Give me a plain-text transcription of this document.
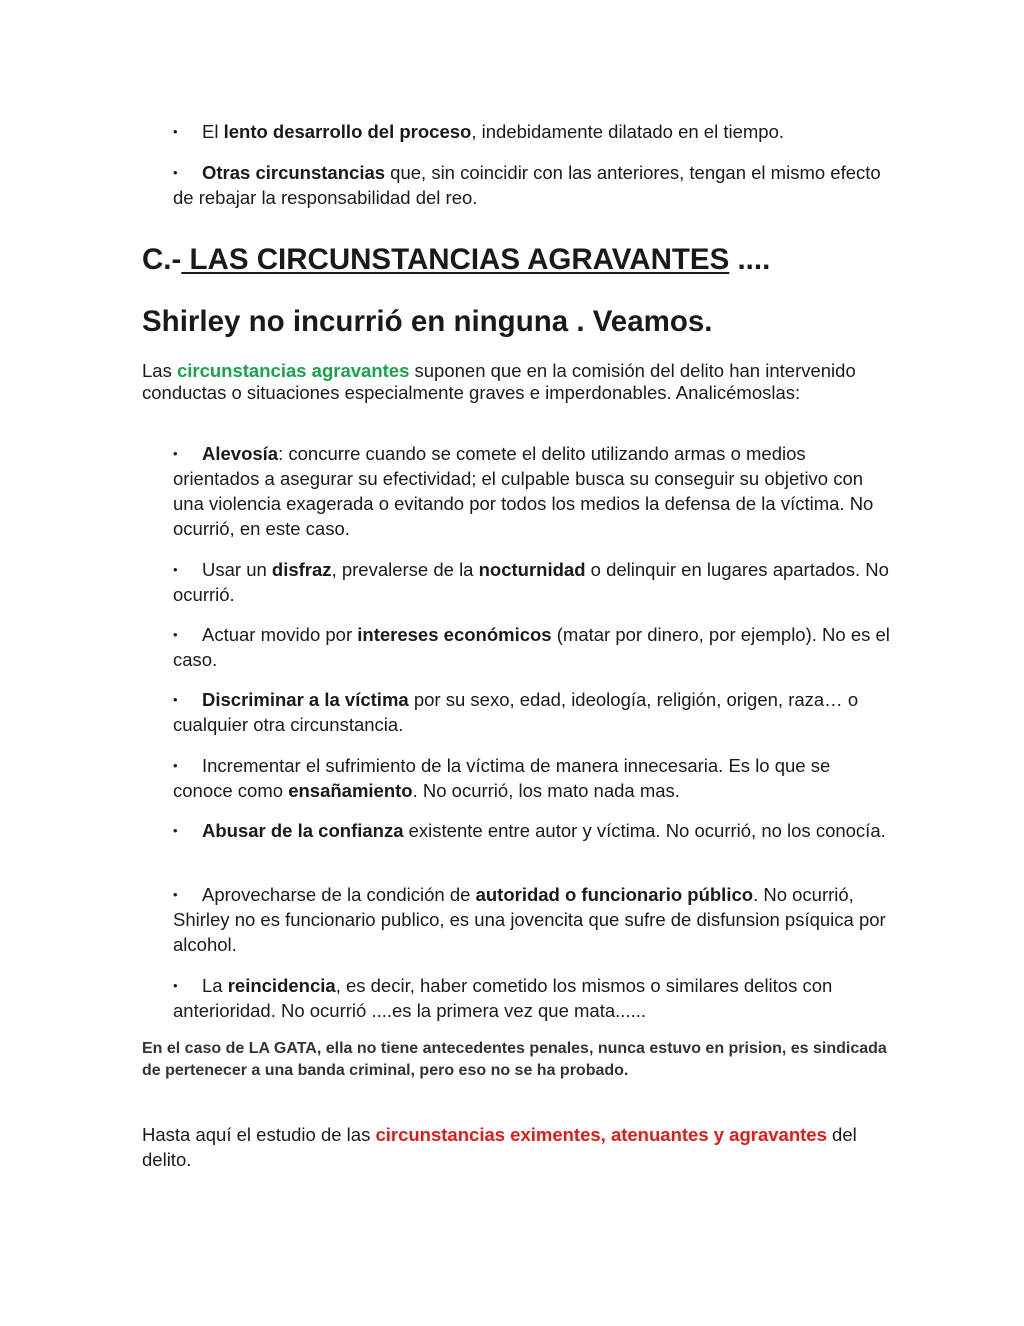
• El lento desarrollo del proceso, indebidamente dilatado en el tiempo.
• Otras circunstancias que, sin coincidir con las anteriores, tengan el mismo efecto de rebajar la responsabilidad del reo.
C.- LAS CIRCUNSTANCIAS AGRAVANTES ....
Shirley no incurrió en ninguna . Veamos.

Las circunstancias agravantes suponen que en la comisión del delito han intervenido conductas o situaciones especialmente graves e imperdonables. Analicémoslas:

• Alevosía: concurre cuando se comete el delito utilizando armas o medios orientados a asegurar su efectividad; el culpable busca su conseguir su objetivo con una violencia exagerada o evitando por todos los medios la defensa de la víctima. No ocurrió, en este caso.
• Usar un disfraz, prevalerse de la nocturnidad o delinquir en lugares apartados. No ocurrió.
• Actuar movido por intereses económicos (matar por dinero, por ejemplo). No es el caso.
• Discriminar a la víctima por su sexo, edad, ideología, religión, origen, raza… o cualquier otra circunstancia.
• Incrementar el sufrimiento de la víctima de manera innecesaria. Es lo que se conoce como ensañamiento. No ocurrió, los mato nada mas.
• Abusar de la confianza existente entre autor y víctima. No ocurrió, no los conocía.
• Aprovecharse de la condición de autoridad o funcionario público. No ocurrió, Shirley no es funcionario publico, es una jovencita que sufre de disfunsion psíquica por alcohol.
• La reincidencia, es decir, haber cometido los mismos o similares delitos con anterioridad. No ocurrió ....es la primera vez que mata......

En el caso de LA GATA, ella no tiene antecedentes penales, nunca estuvo en prision, es sindicada de pertenecer a una banda criminal, pero eso no se ha probado.

Hasta aquí el estudio de las circunstancias eximentes, atenuantes y agravantes del delito.
